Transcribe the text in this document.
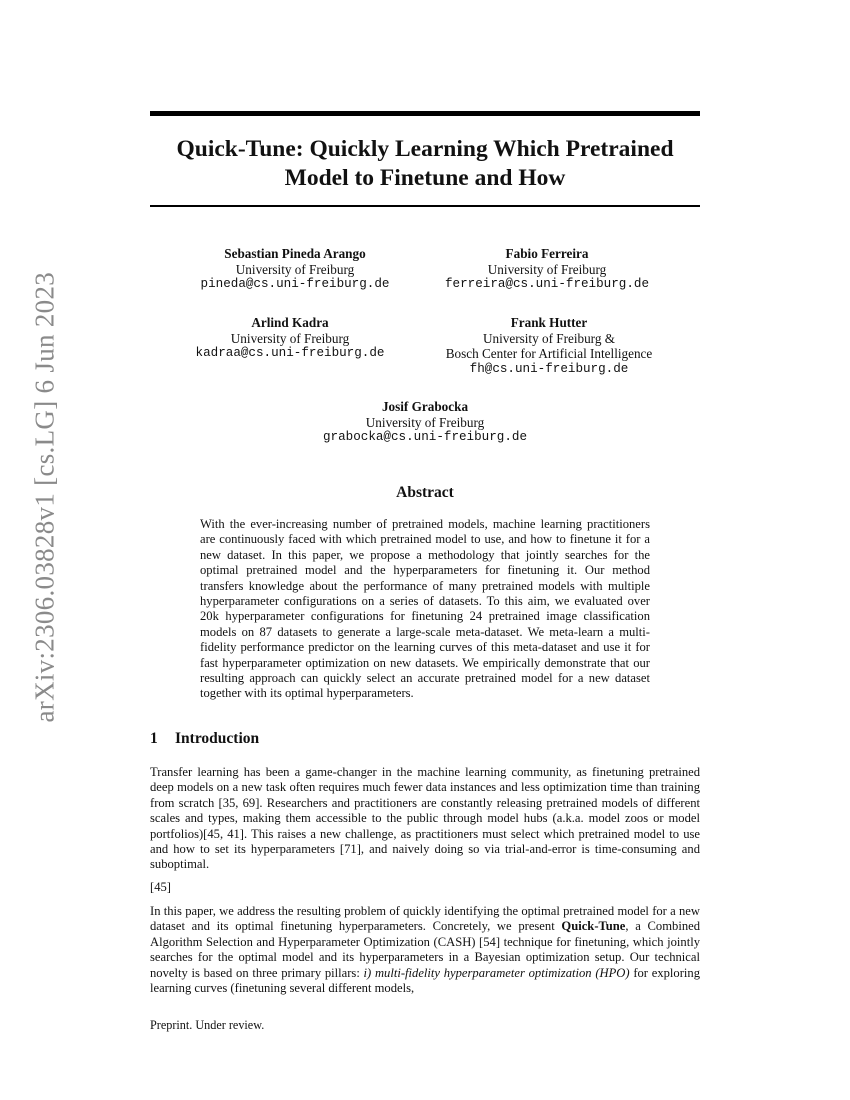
arXiv:2306.03828v1 [cs.LG] 6 Jun 2023
Quick-Tune: Quickly Learning Which Pretrained Model to Finetune and How
Sebastian Pineda Arango
University of Freiburg
pineda@cs.uni-freiburg.de
Fabio Ferreira
University of Freiburg
ferreira@cs.uni-freiburg.de
Arlind Kadra
University of Freiburg
kadraa@cs.uni-freiburg.de
Frank Hutter
University of Freiburg &
Bosch Center for Artificial Intelligence
fh@cs.uni-freiburg.de
Josif Grabocka
University of Freiburg
grabocka@cs.uni-freiburg.de
Abstract
With the ever-increasing number of pretrained models, machine learning practitioners are continuously faced with which pretrained model to use, and how to finetune it for a new dataset. In this paper, we propose a methodology that jointly searches for the optimal pretrained model and the hyperparameters for finetuning it. Our method transfers knowledge about the performance of many pretrained models with multiple hyperparameter configurations on a series of datasets. To this aim, we evaluated over 20k hyperparameter configurations for finetuning 24 pretrained image classification models on 87 datasets to generate a large-scale meta-dataset. We meta-learn a multi-fidelity performance predictor on the learning curves of this meta-dataset and use it for fast hyperparameter optimization on new datasets. We empirically demonstrate that our resulting approach can quickly select an accurate pretrained model for a new dataset together with its optimal hyperparameters.
1 Introduction
Transfer learning has been a game-changer in the machine learning community, as finetuning pretrained deep models on a new task often requires much fewer data instances and less optimization time than training from scratch [35, 69]. Researchers and practitioners are constantly releasing pretrained models of different scales and types, making them accessible to the public through model hubs (a.k.a. model zoos or model portfolios)[45, 41]. This raises a new challenge, as practitioners must select which pretrained model to use and how to set its hyperparameters [71], and naively doing so via trial-and-error is time-consuming and suboptimal.
[45]
In this paper, we address the resulting problem of quickly identifying the optimal pretrained model for a new dataset and its optimal finetuning hyperparameters. Concretely, we present Quick-Tune, a Combined Algorithm Selection and Hyperparameter Optimization (CASH) [54] technique for finetuning, which jointly searches for the optimal model and its hyperparameters in a Bayesian optimization setup. Our technical novelty is based on three primary pillars: i) multi-fidelity hyperparameter optimization (HPO) for exploring learning curves (finetuning several different models,
Preprint. Under review.
